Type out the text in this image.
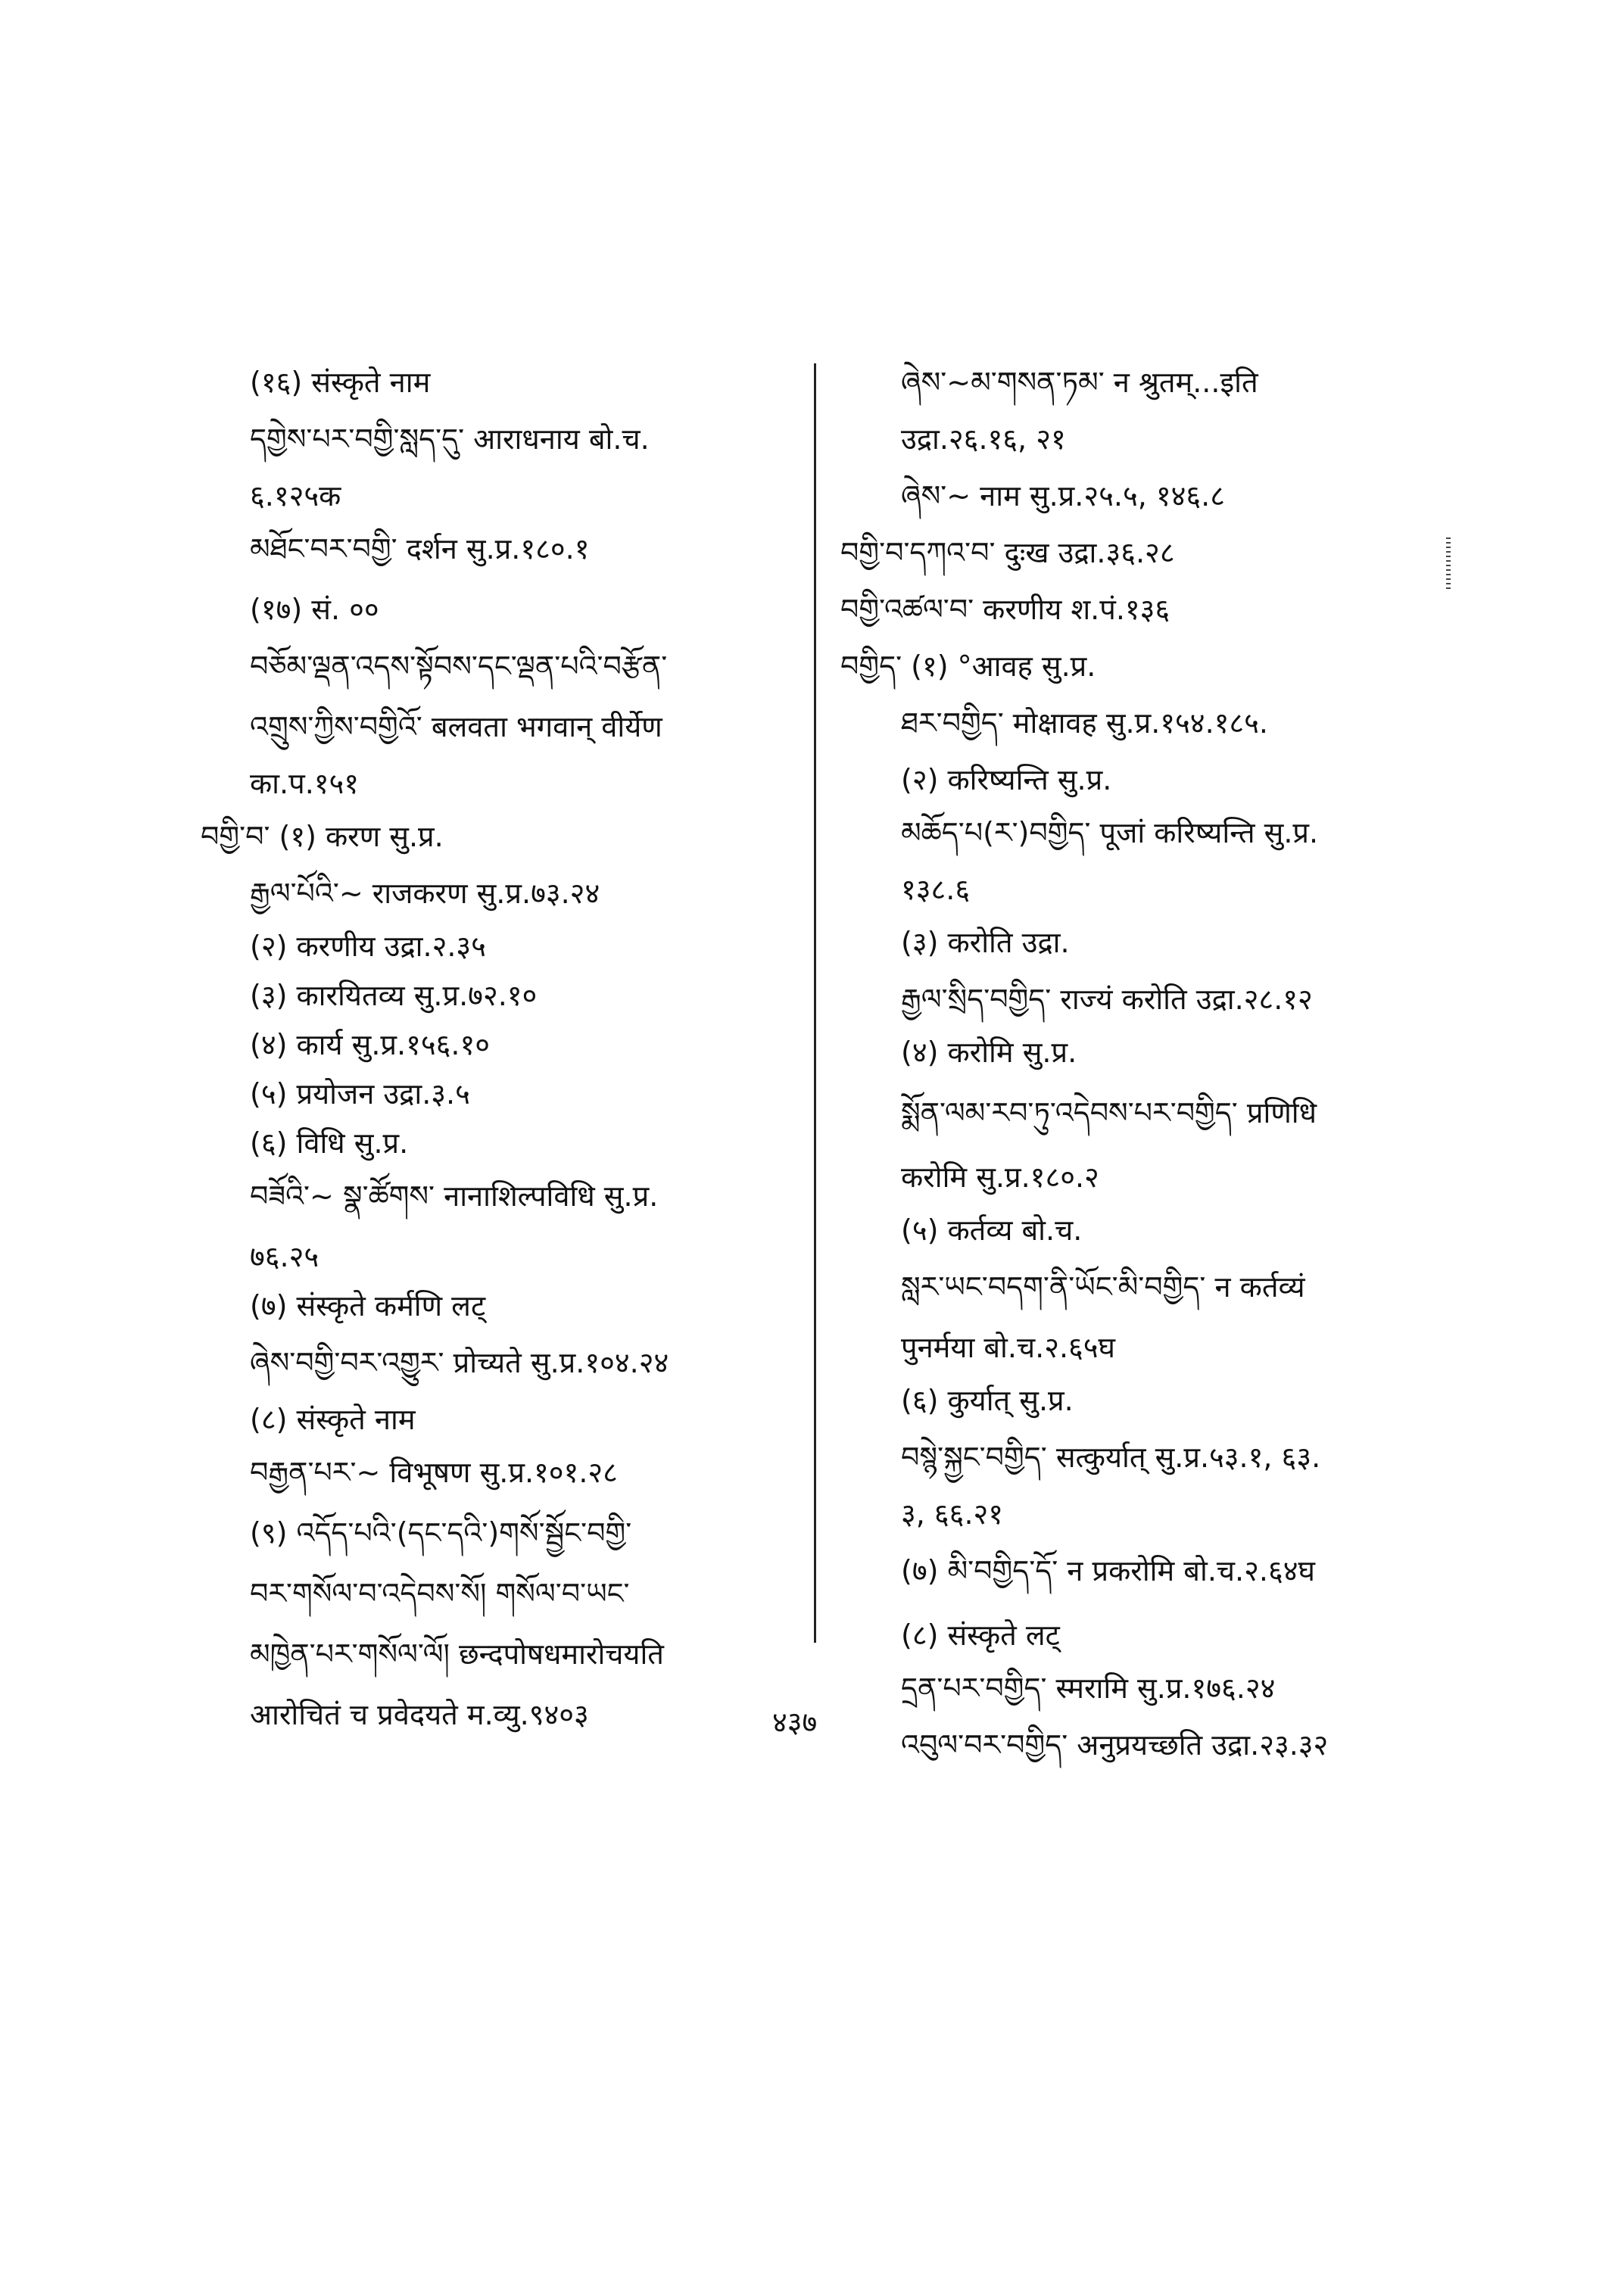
(१६) संस्कृते नाम
དགྱེས་པར་བགྱི་སླད་དུ་ आराधनाय बो.च.
६.१२५क
མཐོང་བར་བགྱི་ दर्शन सु.प्र.१८०.१
(१७) सं. ००
བཅོམ་ལྡན་འདས་སྟོབས་དང་ལྡན་པའི་བརྩོན་
འགྲུས་ཀྱིས་བགྱིའོ་ बलवता भगवान् वीर्येण
का.प.१५१
བགྱི་བ་ (१) करण सु.प्र.
རྒྱལ་པོའི་~ राजकरण सु.प्र.७३.२४
(२) करणीय उद्रा.२.३५
(३) कारयितव्य सु.प्र.७२.१०
(४) कार्य सु.प्र.१५६.१०
(५) प्रयोजन उद्रा.३.५
(६) विधि सु.प्र.
བཟོའི་~ སྣ་ཚོགས་ नानाशिल्पविधि सु.प्र.
७६.२५
(७) संस्कृते कर्मणि लट्
ཞེས་བགྱི་བར་འགྱུར་ प्रोच्यते सु.प्र.१०४.२४
(८) संस्कृते नाम
བརྒྱན་པར་~ विभूषण सु.प्र.१०१.२८
(९) འདོད་པའི་(དང་དའི་)གསོ་སྦྱོང་བགྱི་
བར་གསོལ་བ་འདེབས་སོ། གསོལ་བ་ཡང་
མཁྱེན་པར་གསོལ་ལོ། छन्दपोषधमारोचयति
आरोचितं च प्रवेदयते म.व्यु.९४०३
ཞེས་~མ་གསན་ཏམ་ न श्रुतम्...इति
उद्रा.२६.१६, २१
ཞེས་~ नाम सु.प्र.२५.५, १४६.८
བགྱི་བ་དཀའ་བ་ दुःख उद्रा.३६.२८
བགྱི་འཚལ་བ་ करणीय श.पं.१३६
བགྱིད་ (१) °आवह सु.प्र.
ཐར་བགྱིད་ मोक्षावह सु.प्र.१५४.१८५.
(२) करिष्यन्ति सु.प्र.
མཆོད་པ(ར་)བགྱིད་ पूजां करिष्यन्ति सु.प्र.
१३८.६
(३) करोति उद्रा.
རྒྱལ་སྲིད་བགྱིད་ राज्यं करोति उद्रा.२८.१२
(४) करोमि सु.प्र.
སྨོན་ལམ་རབ་ཏུ་འདེབས་པར་བགྱིད་ प्रणिधि
करोमि सु.प्र.१८०.२
(५) कर्तव्य बो.च.
སླར་ཡང་བདག་ནི་ཡོང་མི་བགྱིད་ न कर्तव्यं
पुनर्मया बो.च.२.६५घ
(६) कुर्यात् सु.प्र.
བསྙེ་སྐྱང་བགྱིད་ सत्कुर्यात् सु.प्र.५३.१, ६३.
३, ६६.२१
(७) མི་བགྱིད་དོ་ न प्रकरोमि बो.च.२.६४घ
(८) संस्कृते लट्
དྲན་པར་བགྱིད་ स्मरामि सु.प्र.१७६.२४
འབུལ་བར་བགྱིད་ अनुप्रयच्छति उद्रा.२३.३२
४३७
